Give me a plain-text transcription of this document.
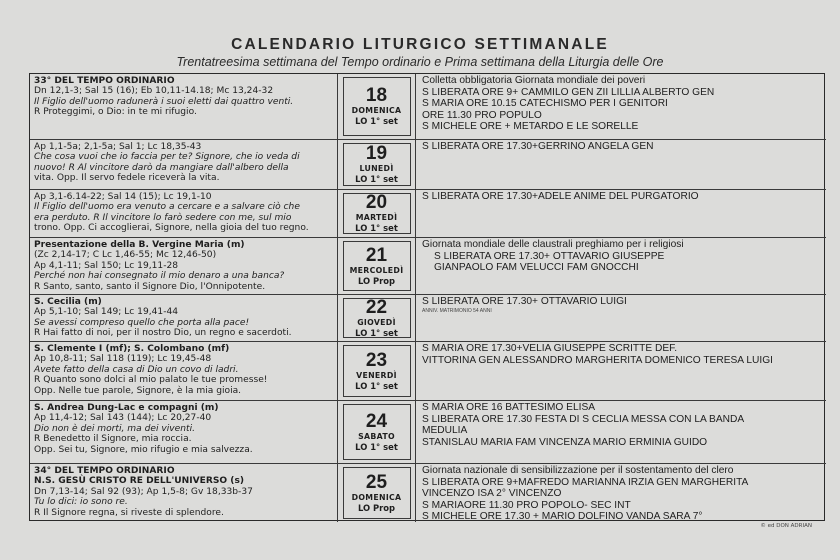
CALENDARIO LITURGICO SETTIMANALE
Trentatreesima settimana del Tempo ordinario e Prima settimana della Liturgia delle Ore
33° DEL TEMPO ORDINARIO
Dn 12,1-3; Sal 15 (16); Eb 10,11-14.18; Mc 13,24-32
Il Figlio dell'uomo radunerà i suoi eletti dai quattro venti.
R Proteggimi, o Dio: in te mi rifugio.
18
DOMENICA
LO 1° set
Colletta obbligatoria Giornata mondiale dei poveri
S LIBERATA ORE 9+ CAMMILO GEN ZII LILLIA ALBERTO GEN
S MARIA ORE 10.15 CATECHISMO PER I GENITORI
ORE 11.30 PRO POPULO
S MICHELE ORE + METARDO E LE SORELLE
Ap 1,1-5a; 2,1-5a; Sal 1; Lc 18,35-43
Che cosa vuoi che io faccia per te? Signore, che io veda di
nuovo! R Al vincitore darò da mangiare dall'albero della
vita. Opp. Il servo fedele riceverà la vita.
19
LUNEDÌ
LO 1° set
S LIBERATA ORE 17.30+GERRINO ANGELA GEN
Ap 3,1-6.14-22; Sal 14 (15); Lc 19,1-10
Il Figlio dell'uomo era venuto a cercare e a salvare ciò che
era perduto. R Il vincitore lo farò sedere con me, sul mio
trono. Opp. Ci accoglierai, Signore, nella gioia del tuo regno.
20
MARTEDÌ
LO 1° set
S LIBERATA ORE 17.30+ADELE ANIME DEL PURGATORIO
Presentazione della B. Vergine Maria (m)
(Zc 2,14-17; C Lc 1,46-55; Mc 12,46-50)
Ap 4,1-11; Sal 150; Lc 19,11-28
Perché non hai consegnato il mio denaro a una banca?
R Santo, santo, santo il Signore Dio, l'Onnipotente.
21
MERCOLEDÌ
LO Prop
Giornata mondiale delle claustrali preghiamo per i religiosi
S LIBERATA ORE 17.30+ OTTAVARIO GIUSEPPE
GIANPAOLO FAM VELUCCI FAM GNOCCHI
S. Cecilia (m)
Ap 5,1-10; Sal 149; Lc 19,41-44
Se avessi compreso quello che porta alla pace!
R Hai fatto di noi, per il nostro Dio, un regno e sacerdoti.
22
GIOVEDÌ
LO 1° set
S LIBERATA ORE 17.30+ OTTAVARIO LUIGI
ANNIV. MATRIMONIO 54 ANNI
S. Clemente I (mf); S. Colombano (mf)
Ap 10,8-11; Sal 118 (119); Lc 19,45-48
Avete fatto della casa di Dio un covo di ladri.
R Quanto sono dolci al mio palato le tue promesse!
Opp. Nelle tue parole, Signore, è la mia gioia.
23
VENERDÌ
LO 1° set
S MARIA ORE 17.30+VELIA GIUSEPPE SCRITTE DEF.
VITTORINA GEN ALESSANDRO MARGHERITA DOMENICO TERESA LUIGI
S. Andrea Dung-Lac e compagni (m)
Ap 11,4-12; Sal 143 (144); Lc 20,27-40
Dio non è dei morti, ma dei viventi.
R Benedetto il Signore, mia roccia.
Opp. Sei tu, Signore, mio rifugio e mia salvezza.
24
SABATO
LO 1° set
S MARIA ORE 16 BATTESIMO ELISA
S LIBERATA ORE 17.30 FESTA DI S CECLIA MESSA CON LA BANDA
MEDULIA
STANISLAU MARIA FAM VINCENZA MARIO ERMINIA GUIDO
34° DEL TEMPO ORDINARIO
N.S. GESÙ CRISTO RE DELL'UNIVERSO (s)
Dn 7,13-14; Sal 92 (93); Ap 1,5-8; Gv 18,33b-37
Tu lo dici: io sono re.
R Il Signore regna, si riveste di splendore.
25
DOMENICA
LO Prop
Giornata nazionale di sensibilizzazione per il sostentamento del clero
S LIBERATA ORE 9+MAFREDO MARIANNA IRZIA GEN MARGHERITA
VINCENZO ISA 2° VINCENZO
S MARIAORE 11.30 PRO POPOLO- SEC INT
S MICHELE ORE 17.30 + MARIO DOLFINO VANDA SARA 7°
© ed DON ADRIAN
